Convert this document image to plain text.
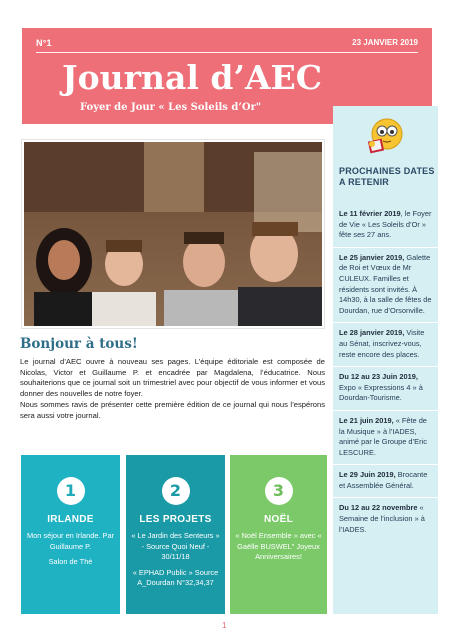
N°1	23 JANVIER 2019
Journal d’AEC
Foyer de Jour « Les Soleils d’Or"
PROCHAINES DATES A RETENIR
Le 11 février 2019, le Foyer de Vie « Les Soleils d’Or » fête ses 27 ans.
Le 25 janvier 2019, Galette de Roi et Vœux de Mr CULEUX. Familles et résidents sont invités. À 14h30, à la salle de fêtes de Dourdan, rue d’Orsonville.
Le 28 janvier 2019, Visite au Sénat, inscrivez-vous, reste encore des places.
Du 12 au 23 Juin 2019, Expo « Expressions 4 » à Dourdan-Tourisme.
Le 21 juin 2019, « Fête de la Musique » à l’IADES, animé par le Groupe d’Eric LESCURE.
Le 29 Juin 2019, Brocante et Assemblée Général.
Du 12 au 22 novembre « Semaine de l’inclusion » à l’IADES.
Bonjour à tous!

Le journal d’AEC ouvre à nouveau ses pages. L’équipe éditoriale est composée de Nicolas, Victor et Guillaume P. et encadrée par Magdalena, l’éducatrice. Nous souhaiterions que ce journal soit un trimestriel avec pour objectif de vous informer et vous donner des nouvelles de notre foyer.

Nous sommes ravis de présenter cette première édition de ce journal qui nous l’espérons sera aussi votre journal.

1
IRLANDE

Mon séjour en Irlande. Par Guillaume P.

Salon de Thé

2
LES PROJETS

« Le Jardin des Senteurs » - Source Quoi Neuf - 30/11/18

« EPHAD Public » Source A_Dourdan N°32,34,37

3
NOËL

« Noël Ensemble » avec « Gaëlle BUSWEL" Joyeux Anniversaires!

1
